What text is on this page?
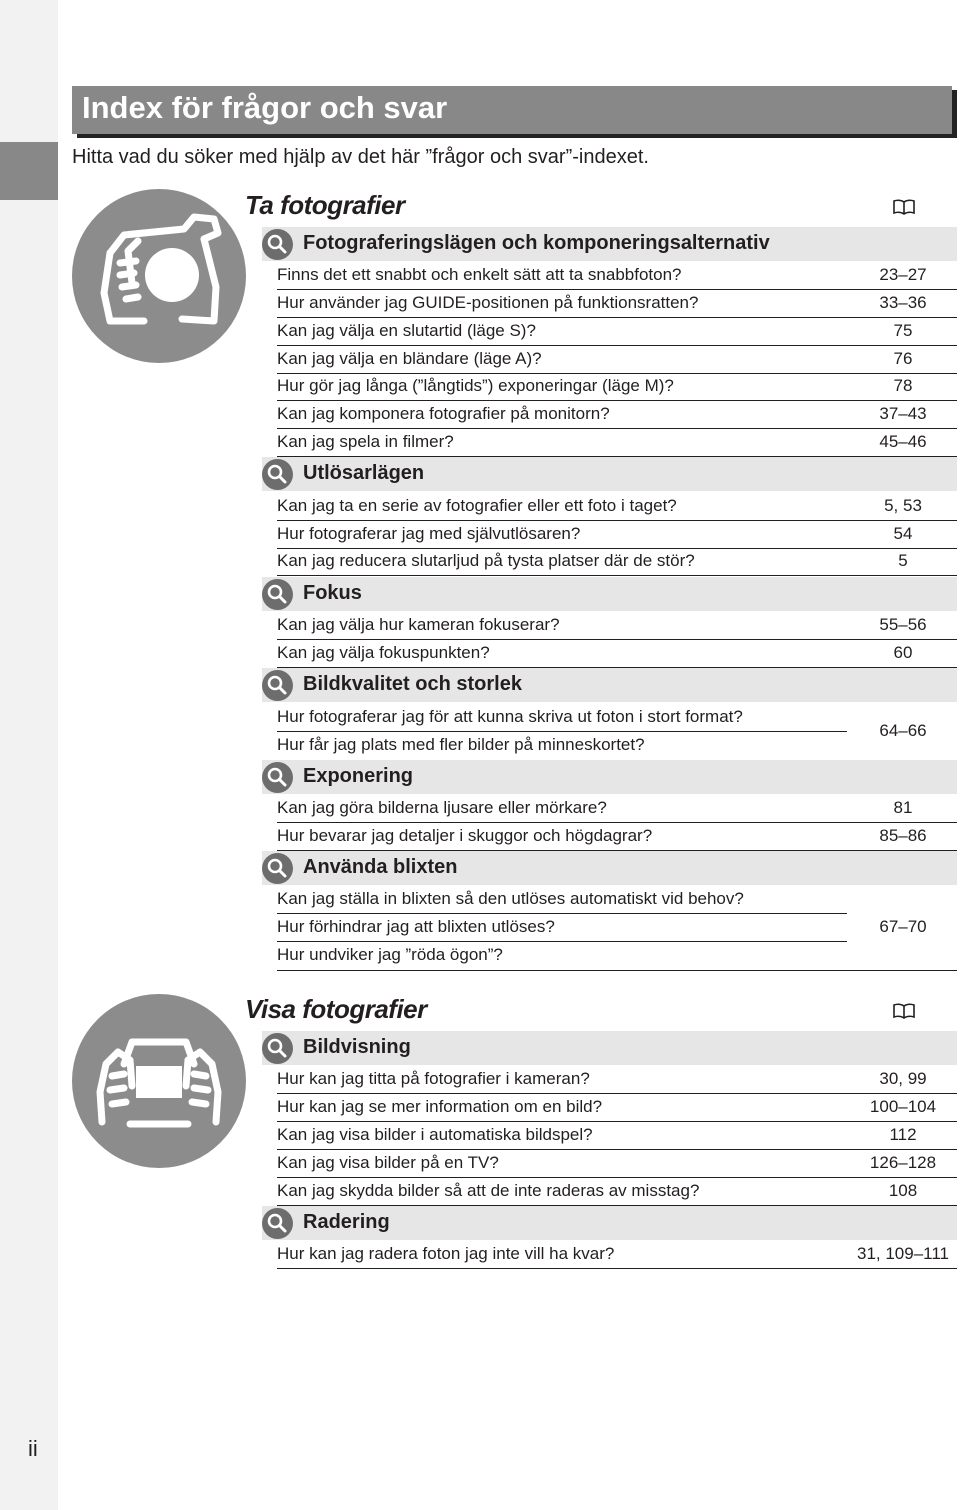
ii
Index för frågor och svar
Hitta vad du söker med hjälp av det här ”frågor och svar”-indexet.
Ta fotografier
Fotograferingslägen och komponeringsalternativ
Finns det ett snabbt och enkelt sätt att ta snabbfoton?	23–27
Hur använder jag GUIDE-positionen på funktionsratten?	33–36
Kan jag välja en slutartid (läge S)?	75
Kan jag välja en bländare (läge A)?	76
Hur gör jag långa (”långtids”) exponeringar (läge M)?	78
Kan jag komponera fotografier på monitorn?	37–43
Kan jag spela in filmer?	45–46
Utlösarlägen
Kan jag ta en serie av fotografier eller ett foto i taget?	5, 53
Hur fotograferar jag med självutlösaren?	54
Kan jag reducera slutarljud på tysta platser där de stör?	5
Fokus
Kan jag välja hur kameran fokuserar?	55–56
Kan jag välja fokuspunkten?	60
Bildkvalitet och storlek
Hur fotograferar jag för att kunna skriva ut foton i stort format?
Hur får jag plats med fler bilder på minneskortet?
64–66
Exponering
Kan jag göra bilderna ljusare eller mörkare?	81
Hur bevarar jag detaljer i skuggor och högdagrar?	85–86
Använda blixten
Kan jag ställa in blixten så den utlöses automatiskt vid behov?
Hur förhindrar jag att blixten utlöses?
Hur undviker jag ”röda ögon”?
67–70
Visa fotografier
Bildvisning
Hur kan jag titta på fotografier i kameran?	30, 99
Hur kan jag se mer information om en bild?	100–104
Kan jag visa bilder i automatiska bildspel?	112
Kan jag visa bilder på en TV?	126–128
Kan jag skydda bilder så att de inte raderas av misstag?	108
Radering
Hur kan jag radera foton jag inte vill ha kvar?	31, 109–111
